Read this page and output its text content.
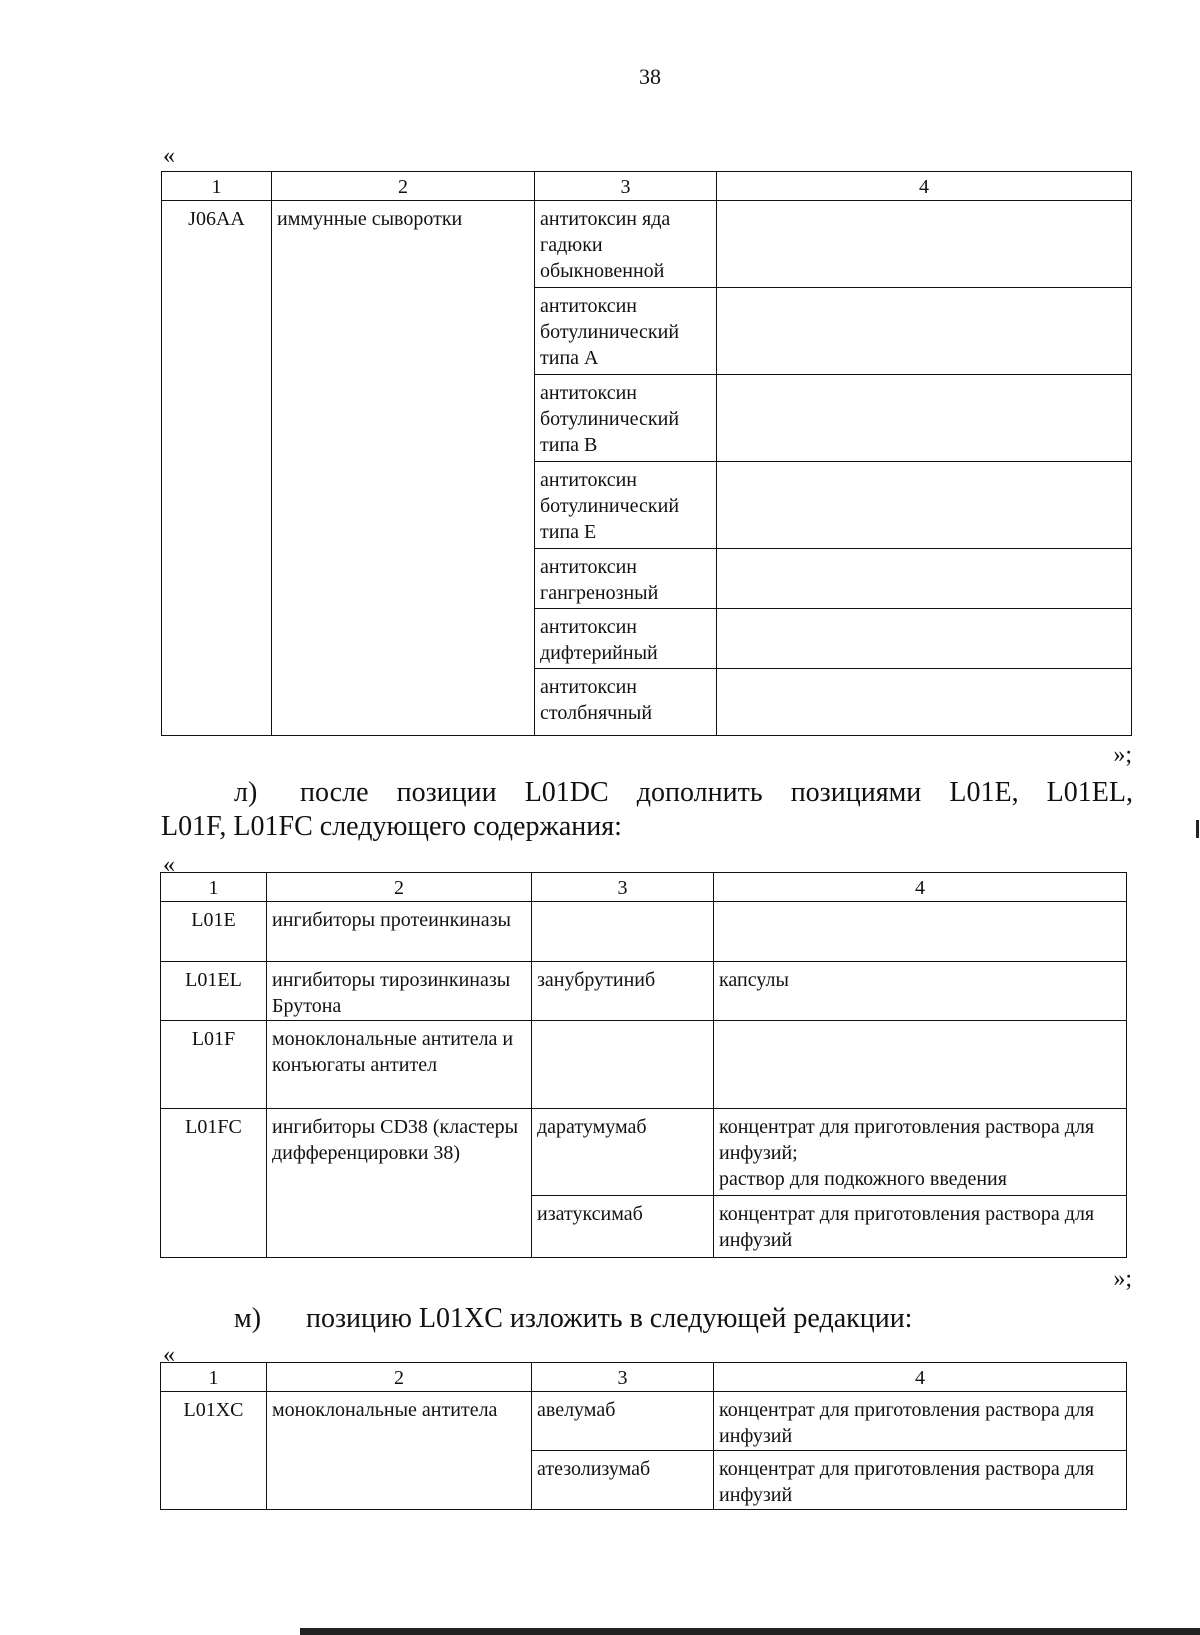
38
«
1	2	3	4
J06AA	иммунные сыворотки	антитоксин яда гадюки обыкновенной	
		антитоксин ботулинический типа А	
		антитоксин ботулинический типа В	
		антитоксин ботулинический типа Е	
		антитоксин гангренозный	
		антитоксин дифтерийный	
		антитоксин столбнячный	
»;
л) после позиции L01DC дополнить позициями L01E, L01EL,
L01F, L01FC следующего содержания:
«
1	2	3	4
L01E	ингибиторы протеинкиназы		
L01EL	ингибиторы тирозинкиназы Брутона	занубрутиниб	капсулы
L01F	моноклональные антитела и конъюгаты антител		
L01FC	ингибиторы CD38 (кластеры дифференцировки 38)	даратумумаб	концентрат для приготовления раствора для инфузий;
раствор для подкожного введения

		изатуксимаб	концентрат для приготовления раствора для инфузий
»;
м) позицию L01XC изложить в следующей редакции:
«
1	2	3	4
L01XC	моноклональные антитела	авелумаб	концентрат для приготовления раствора для инфузий
		атезолизумаб	концентрат для приготовления раствора для инфузий
